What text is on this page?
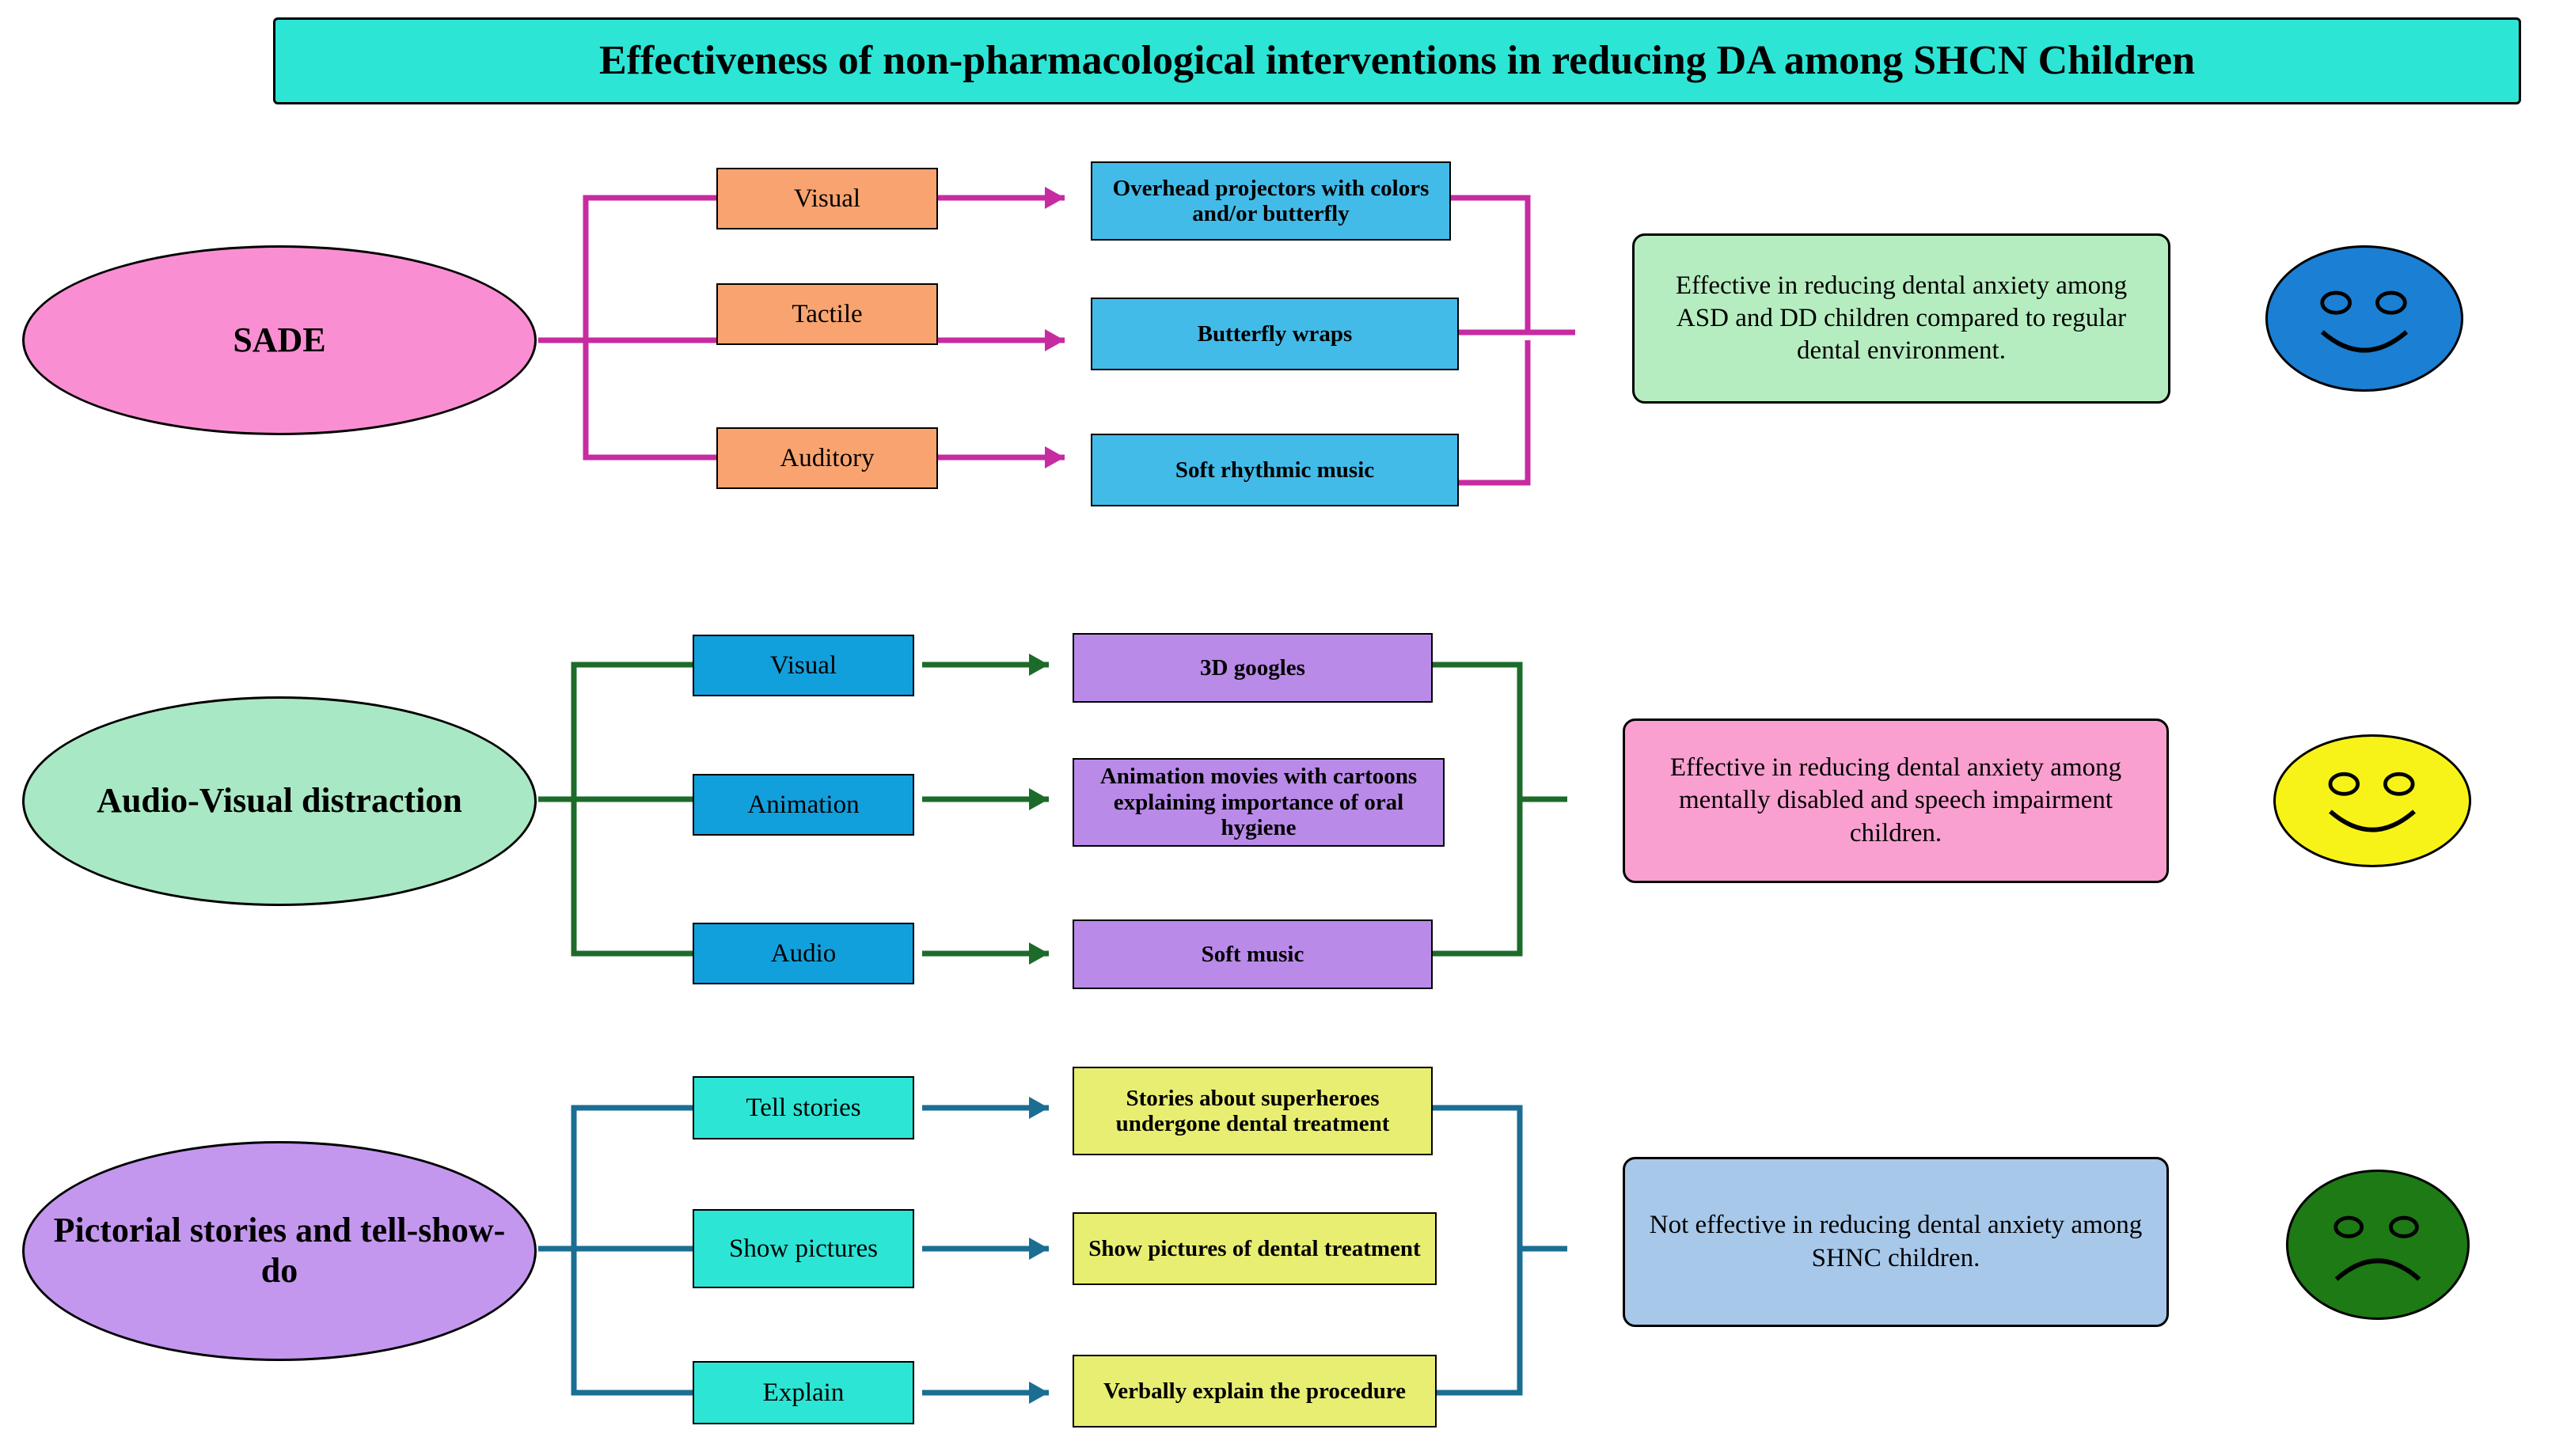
Effectiveness of non-pharmacological interventions in reducing DA among SHCN Children
SADE
Visual
Tactile
Auditory
Overhead projectors with colors and/or butterfly
Butterfly wraps
Soft rhythmic music
Effective in reducing dental anxiety among ASD and DD children compared to regular dental environment.
Audio-Visual distraction
Visual
Animation
Audio
3D googles
Animation movies with cartoons explaining importance of oral hygiene
Soft music
Effective in reducing dental anxiety among mentally disabled and speech impairment children.
Pictorial stories and tell-show-do
Tell stories
Show pictures
Explain
Stories about superheroes undergone dental treatment
Show pictures of dental treatment
Verbally explain the procedure
Not effective in reducing dental anxiety among SHNC children.
